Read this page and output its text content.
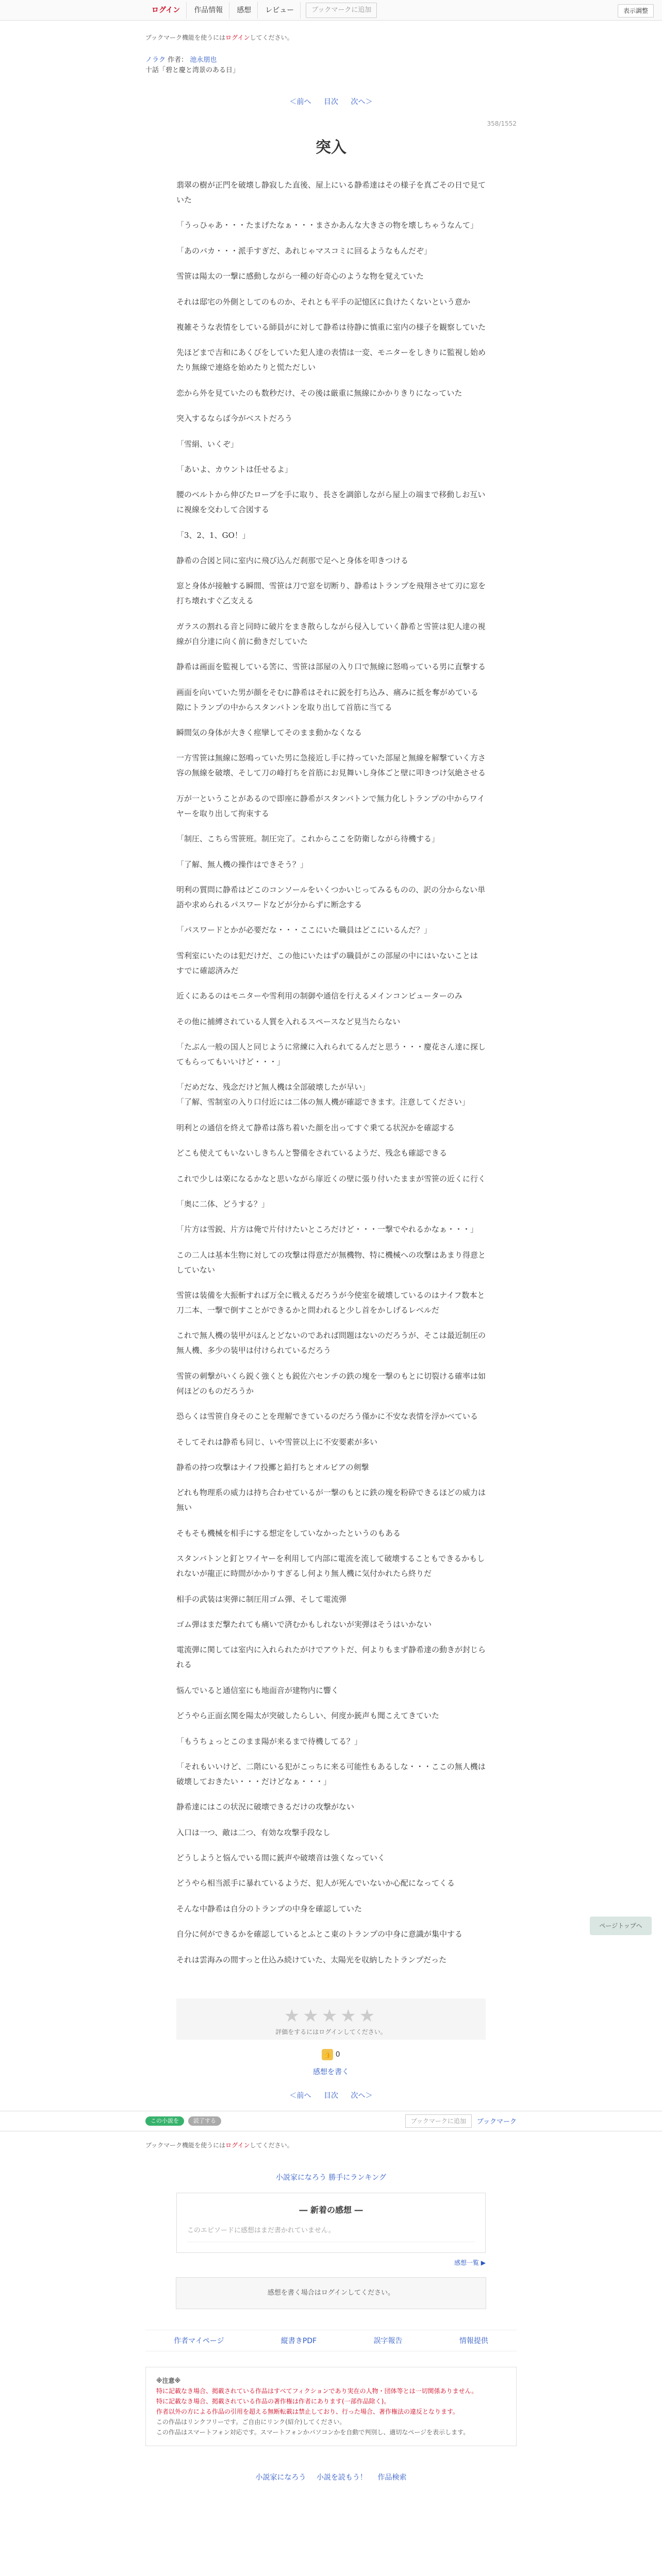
ログイン	作品情報	感想	レビュー	ブックマークに追加	表示調整
ブックマーク機能を使うにはログインしてください。
ノラク 作者： 池永朋也
十話「碧と慶と湾景のある日」
＜前へ 目次 次へ＞
358/1552
突入

翡翠の樹が正門を破壊し静寂した直後、屋上にいる静希達はその様子を真ごその日で見ていた

「うっひゃあ・・・たまげたなぁ・・・まさかあんな大きさの物を壊しちゃうなんて」

「あのバカ・・・派手すぎだ、あれじゃマスコミに回るようなもんだぞ」

雪笹は陽太の一撃に感動しながら一種の好奇心のような物を覚えていた

それは邸宅の外側としてのものか、それとも平手の記憶区に負けたくないという意か

複雑そうな表情をしている師員がに対して静希は待静に慎重に室内の様子を観察していた

先ほどまで吉和にあくびをしていた犯人達の表情は一変、モニターをしきりに監視し始めたり無線で連絡を始めたりと慌ただしい

恋から外を見ていたのも数秒だけ、その後は厳重に無線にかかりきりになっていた

突入するならば今がベストだろう

「雪絹、いくぞ」

「あいよ、カウントは任せるよ」

腰のベルトから伸びたロープを手に取り、長さを調節しながら屋上の端まで移動しお互いに視線を交わして合図する

「3、2、1、GO！」

静希の合図と同に室内に飛び込んだ刹那で足へと身体を叩きつける

窓と身体が接触する瞬間、雪笹は刀で窓を切断り、静希はトランプを飛翔させて刃に窓を打ち壊れすぐ乙支える

ガラスの割れる音と同時に破片をまき散らしながら侵入していく静希と雪笹は犯人達の視線が自分達に向く前に動きだしていた

静希は画面を監視している筈に、雪笹は部屋の入り口で無線に怒鳴っている男に直撃する

画面を向いていた男が顔をそむに静希はそれに鋭を打ち込み、痛みに抵を奪がめている隙にトランプの中からスタンバトンを取り出して首筋に当てる

瞬間気の身体が大きく痙攣してそのまま動かなくなる

一方雪笹は無線に怒鳴っていた男に急接近し手に持っていた部屋と無線を解撃ていく方さ容の無線を破壊、そして刀の峰打ちを首筋にお見舞いし身体ごと壁に叩きつけ気絶させる

万が一ということがあるので即座に静希がスタンバトンで無力化しトランプの中からワイヤーを取り出して拘束する

「制圧、こちら雪笹班。制圧完了。これからここを防衛しながら待機する」

「了解、無人機の操作はできそう？」

明利の質問に静希はどこのコンソールをいくつかいじってみるものの、訳の分からない単語や求められるパスワードなどが分からずに断念する

「パスワードとかが必要だな・・・ここにいた職員はどこにいるんだ？」

雪利室にいたのは犯だけだ、この他にいたはずの職員がこの部屋の中にはいないことはすでに確認済みだ

近くにあるのはモニターや雪利用の制御や通信を行えるメインコンピューターのみ

その他に捕縛されている人質を入れるスペースなど見当たらない

「たぶん一般の国人と同じように常練に入れられてるんだと思う・・・慶花さん達に探してもらってもいいけど・・・」

「だめだな、残念だけど無人機は全部破壊したが早い」
「了解、雪制室の入り口付近には二体の無人機が確認できます。注意してください」

明利との通信を終えて静希は落ち着いた顔を出ってすぐ乗てる状況かを確認する

どこも使えてもいないしきちんと警備をされているようだ、残念も確認できる

これで少しは楽になるかなと思いながら扉近くの壁に張り付いたままが雪笹の近くに行く

「奥に二体、どうする？」

「片方は雪鋭、片方は俺で片付けたいところだけど・・・一撃でやれるかなぁ・・・」

この二人は基本生物に対しての攻撃は得意だが無機物、特に機械への攻撃はあまり得意としていない

雪笹は装備を大振斬すれば万全に戦えるだろうが今使室を破壊しているのはナイフ数本と刀二本、一撃で倒すことができるかと問われると少し首をかしげるレベルだ

これで無人機の装甲がほんとどないのであれば問題はないのだろうが、そこは最近制圧の無人機、多少の装甲は付けられているだろう

雪笹の刺撃がいくら鋭く強くとも鋭佐六センチの鉄の塊を一撃のもとに切裂ける確率は如何ほどのものだろうか

恐らくは雪笹自身そのことを理解できているのだろう僅かに不安な表情を浮かべている

そしてそれは静希も同じ、いや雪笹以上に不安要素が多い

静希の持つ攻撃はナイフ投擲と鉛打ちとオルビアの剣撃

どれも物理系の威力は持ち合わせているが一撃のもとに鉄の塊を粉砕できるほどの威力は無い

そもそも機械を相手にする想定をしていなかったというのもある

スタンバトンと釘とワイヤーを利用して内部に電流を流して破壊することもできるかもしれないが龍正に時間がかかりすぎるし何より無人機に気付かれたら終りだ

相手の武装は実弾に制圧用ゴム弾、そして電流弾

ゴム弾はまだ撃たれても痛いで済むかもしれないが実弾はそうはいかない

電流弾に関しては室内に入れられたがけでアウトだ、何よりもまず静希達の動きが封じられる

悩んでいると通信室にも地面音が建物内に響く

どうやら正面玄関を陽太が突破したらしい、何度か銃声も聞こえてきていた

「もうちょっとこのまま陽が来るまで待機してる？」

「それもいいけど、二階にいる犯がこっちに来る可能性もあるしな・・・ここの無人機は破壊しておきたい・・・だけどなぁ・・・」

静希達にはこの状況に破壊できるだけの攻撃がない

入口は一つ、敵は二つ、有効な攻撃手段なし

どうしようと悩んでいる間に銃声や破壊音は強くなっていく

どうやら相当派手に暴れているようだ、犯人が死んでいないか心配になってくる

そんな中静希は自分のトランプの中身を確認していた

自分に何ができるかを確認しているとふとこ東のトランプの中身に意識が集中する

それは雲海みの間すっと仕込み続けていた、太陽光を収納したトランプだった

★★★★★
評価をするにはログインしてください。
👍 0
感想を書く
＜前へ 目次 次へ＞
この小説を	読了する	ブックマークに追加	ブックマーク
ブックマーク機能を使うにはログインしてください。
小説家になろう 勝手にランキング
― 新着の感想 ―
このエピソードに感想はまだ書かれていません。
感想一覧 ▶
感想を書く場合はログインしてください。
作者マイページ	縦書きPDF	誤字報告	情報提供
※注意※
特に記載なき場合、掲載されている作品はすべてフィクションであり実在の人物・団体等とは一切関係ありません。
特に記載なき場合、掲載されている作品の著作権は作者にあります(一部作品除く)。
作者以外の方による作品の引用を超える無断転載は禁止しており、行った場合、著作権法の違反となります。
この作品はリンクフリーです。ご自由にリンク(紹介)してください。
この作品はスマートフォン対応です。スマートフォンかパソコンかを自動で判別し、適切なページを表示します。
小説家になろう 小説を読もう！ 作品検索
ページトップへ
